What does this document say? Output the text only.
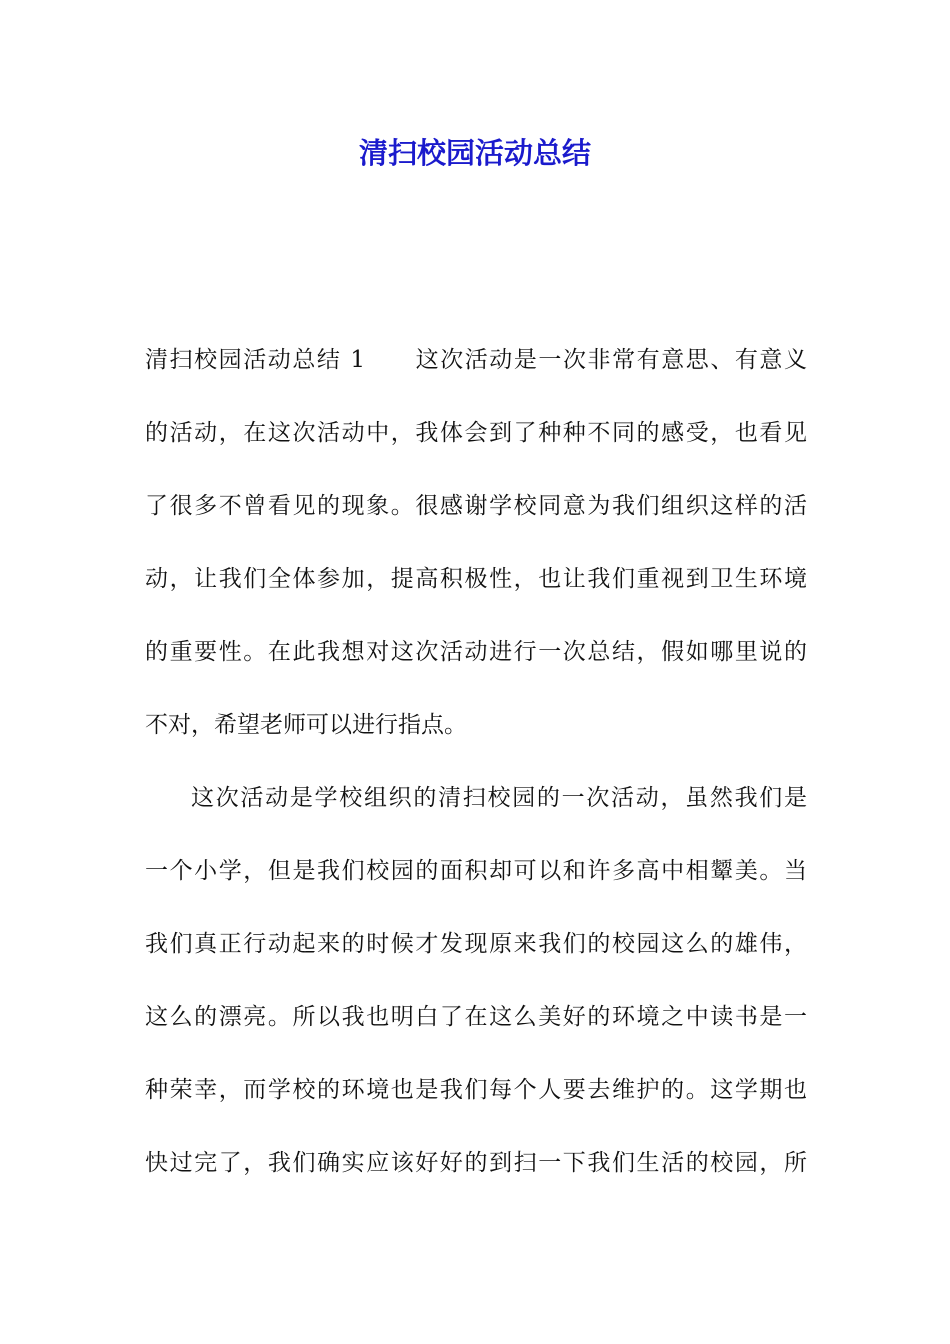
清扫校园活动总结
清扫校园活动总结 1　　这次活动是一次非常有意思、有意义
的活动，在这次活动中，我体会到了种种不同的感受，也看见
了很多不曾看见的现象。很感谢学校同意为我们组织这样的活
动，让我们全体参加，提高积极性，也让我们重视到卫生环境
的重要性。在此我想对这次活动进行一次总结，假如哪里说的
不对，希望老师可以进行指点。
这次活动是学校组织的清扫校园的一次活动，虽然我们是
一个小学，但是我们校园的面积却可以和许多高中相颦美。当
我们真正行动起来的时候才发现原来我们的校园这么的雄伟，
这么的漂亮。所以我也明白了在这么美好的环境之中读书是一
种荣幸，而学校的环境也是我们每个人要去维护的。这学期也
快过完了，我们确实应该好好的到扫一下我们生活的校园，所
